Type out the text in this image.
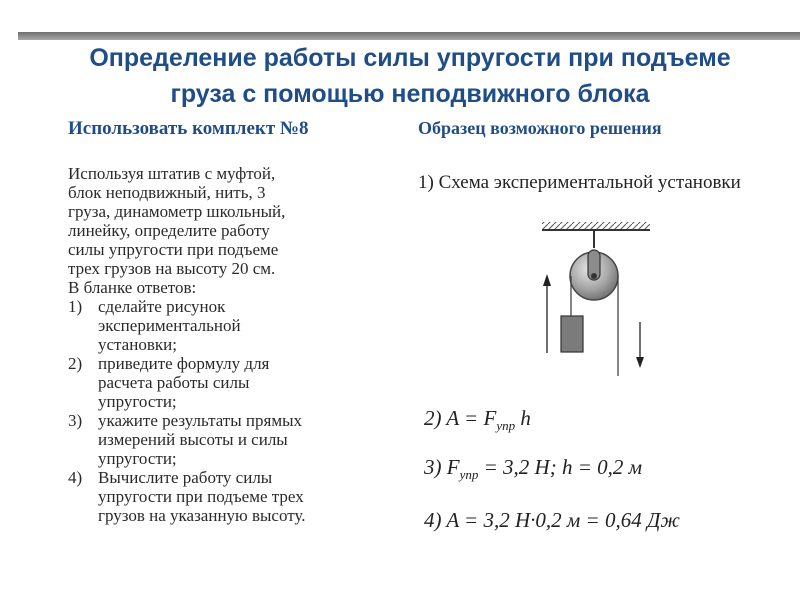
Определение работы силы упругости при подъеме
груза с помощью неподвижного блока
Использовать комплект №8

Используя штатив с муфтой,
блок неподвижный, нить, 3
груза, динамометр школьный,
линейку, определите работу
силы упругости при подъеме
трех грузов на высоту 20 см.
В бланке ответов:

1) сделайте рисунок
экспериментальной
установки;
2) приведите формулу для
расчета работы силы
упругости;
3) укажите результаты прямых
измерений высоты и силы
упругости;
4) Вычислите работу силы
упругости при подъеме трех
грузов на указанную высоту.
Образец возможного решения
1) Схема экспериментальной установки
2) $A = F_{упр}$ h
3) $F_{упр} = 3,2$ Н; h = 0,2 м
4) A = 3,2 Н·0,2 м = 0,64 Дж
